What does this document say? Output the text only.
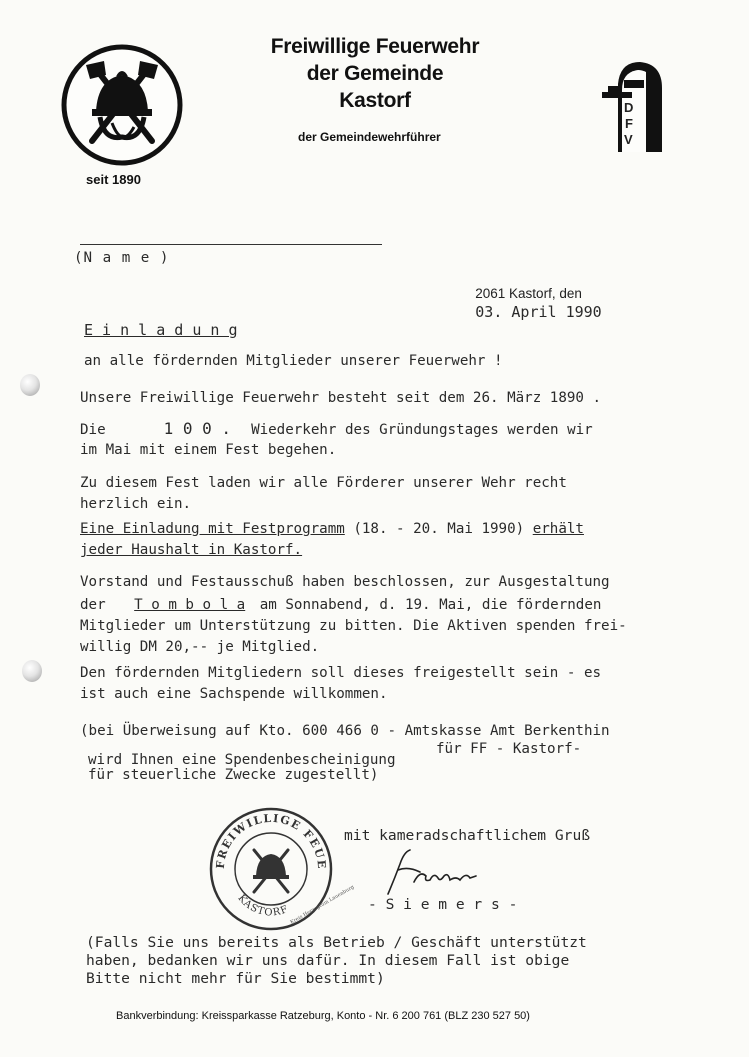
seit 1890
Freiwillige Feuerwehr
der Gemeinde
Kastorf
der Gemeindewehrführer
D
F
V
(N a m e )

2061 Kastorf, den
03. April 1990

E i n l a d u n g
an alle fördernden Mitglieder unserer Feuerwehr !
Unsere Freiwillige Feuerwehr besteht seit dem 26. März 1890 .
Die	1 0 0 . Wiederkehr des Gründungstages werden wir
im Mai mit einem Fest begehen.
Zu diesem Fest laden wir alle Förderer unserer Wehr recht
herzlich ein.
Eine Einladung mit Festprogramm (18. - 20. Mai 1990) erhält
jeder Haushalt in Kastorf.
Vorstand und Festausschuß haben beschlossen, zur Ausgestaltung
der T o m b o l a am Sonnabend, d. 19. Mai, die fördernden
Mitglieder um Unterstützung zu bitten. Die Aktiven spenden frei-
willig DM 20,-- je Mitglied.
Den fördernden Mitgliedern soll dieses freigestellt sein - es
ist auch eine Sachspende willkommen.
(bei Überweisung auf Kto. 600 466 0 - Amtskasse Amt Berkenthin
für FF - Kastorf-
wird Ihnen eine Spendenbescheinigung
für steuerliche Zwecke zugestellt)
FREIWILLIGE FEUE
KASTORF
Kreis Herzogtum Lauenburg
mit kameradschaftlichem Gruß
- S i e m e r s -
(Falls Sie uns bereits als Betrieb / Geschäft unterstützt
haben, bedanken wir uns dafür. In diesem Fall ist obige
Bitte nicht mehr für Sie bestimmt)
Bankverbindung: Kreissparkasse Ratzeburg, Konto - Nr. 6 200 761 (BLZ 230 527 50)
